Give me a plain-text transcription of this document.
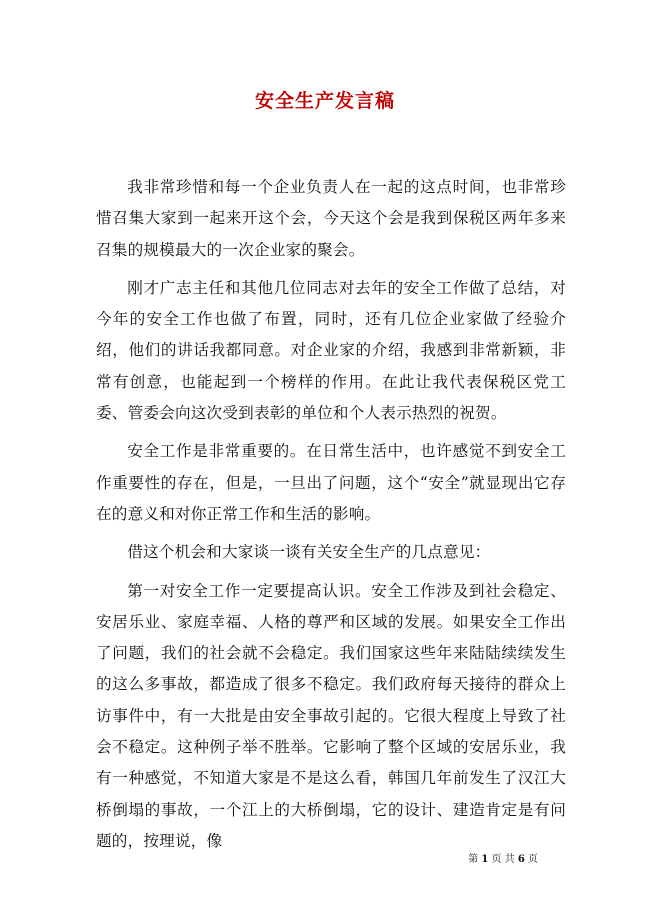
安全生产发言稿

我非常珍惜和每一个企业负责人在一起的这点时间，也非常珍惜召集大家到一起来开这个会，今天这个会是我到保税区两年多来召集的规模最大的一次企业家的聚会。

刚才广志主任和其他几位同志对去年的安全工作做了总结，对今年的安全工作也做了布置，同时，还有几位企业家做了经验介绍，他们的讲话我都同意。对企业家的介绍，我感到非常新颖，非常有创意，也能起到一个榜样的作用。在此让我代表保税区党工委、管委会向这次受到表彰的单位和个人表示热烈的祝贺。

安全工作是非常重要的。在日常生活中，也许感觉不到安全工作重要性的存在，但是，一旦出了问题，这个“安全”就显现出它存在的意义和对你正常工作和生活的影响。

借这个机会和大家谈一谈有关安全生产的几点意见：

第一对安全工作一定要提高认识。安全工作涉及到社会稳定、安居乐业、家庭幸福、人格的尊严和区域的发展。如果安全工作出了问题，我们的社会就不会稳定。我们国家这些年来陆陆续续发生的这么多事故，都造成了很多不稳定。我们政府每天接待的群众上访事件中，有一大批是由安全事故引起的。它很大程度上导致了社会不稳定。这种例子举不胜举。它影响了整个区域的安居乐业，我有一种感觉，不知道大家是不是这么看，韩国几年前发生了汉江大桥倒塌的事故，一个江上的大桥倒塌，它的设计、建造肯定是有问题的，按理说，像

第 1 页 共 6 页
